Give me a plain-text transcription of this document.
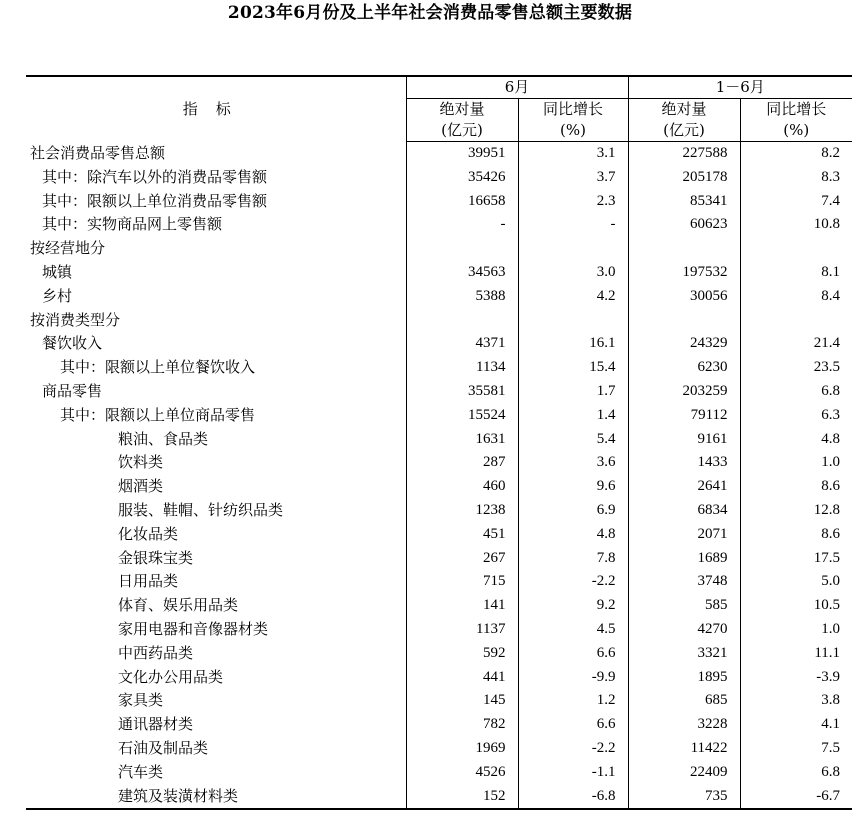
2023年6月份及上半年社会消费品零售总额主要数据
指标	6月		1－6月	
	绝对量	同比增长	绝对量	同比增长
	(亿元)	(%)	(亿元)	(%)
社会消费品零售总额	39951	3.1	227588	8.2
其中：除汽车以外的消费品零售额	35426	3.7	205178	8.3
其中：限额以上单位消费品零售额	16658	2.3	85341	7.4
其中：实物商品网上零售额	-	-	60623	10.8
按经营地分				
城镇	34563	3.0	197532	8.1
乡村	5388	4.2	30056	8.4
按消费类型分				
餐饮收入	4371	16.1	24329	21.4
其中：限额以上单位餐饮收入	1134	15.4	6230	23.5
商品零售	35581	1.7	203259	6.8
其中：限额以上单位商品零售	15524	1.4	79112	6.3
粮油、食品类	1631	5.4	9161	4.8
饮料类	287	3.6	1433	1.0
烟酒类	460	9.6	2641	8.6
服装、鞋帽、针纺织品类	1238	6.9	6834	12.8
化妆品类	451	4.8	2071	8.6
金银珠宝类	267	7.8	1689	17.5
日用品类	715	-2.2	3748	5.0
体育、娱乐用品类	141	9.2	585	10.5
家用电器和音像器材类	1137	4.5	4270	1.0
中西药品类	592	6.6	3321	11.1
文化办公用品类	441	-9.9	1895	-3.9
家具类	145	1.2	685	3.8
通讯器材类	782	6.6	3228	4.1
石油及制品类	1969	-2.2	11422	7.5
汽车类	4526	-1.1	22409	6.8
建筑及装潢材料类	152	-6.8	735	-6.7
